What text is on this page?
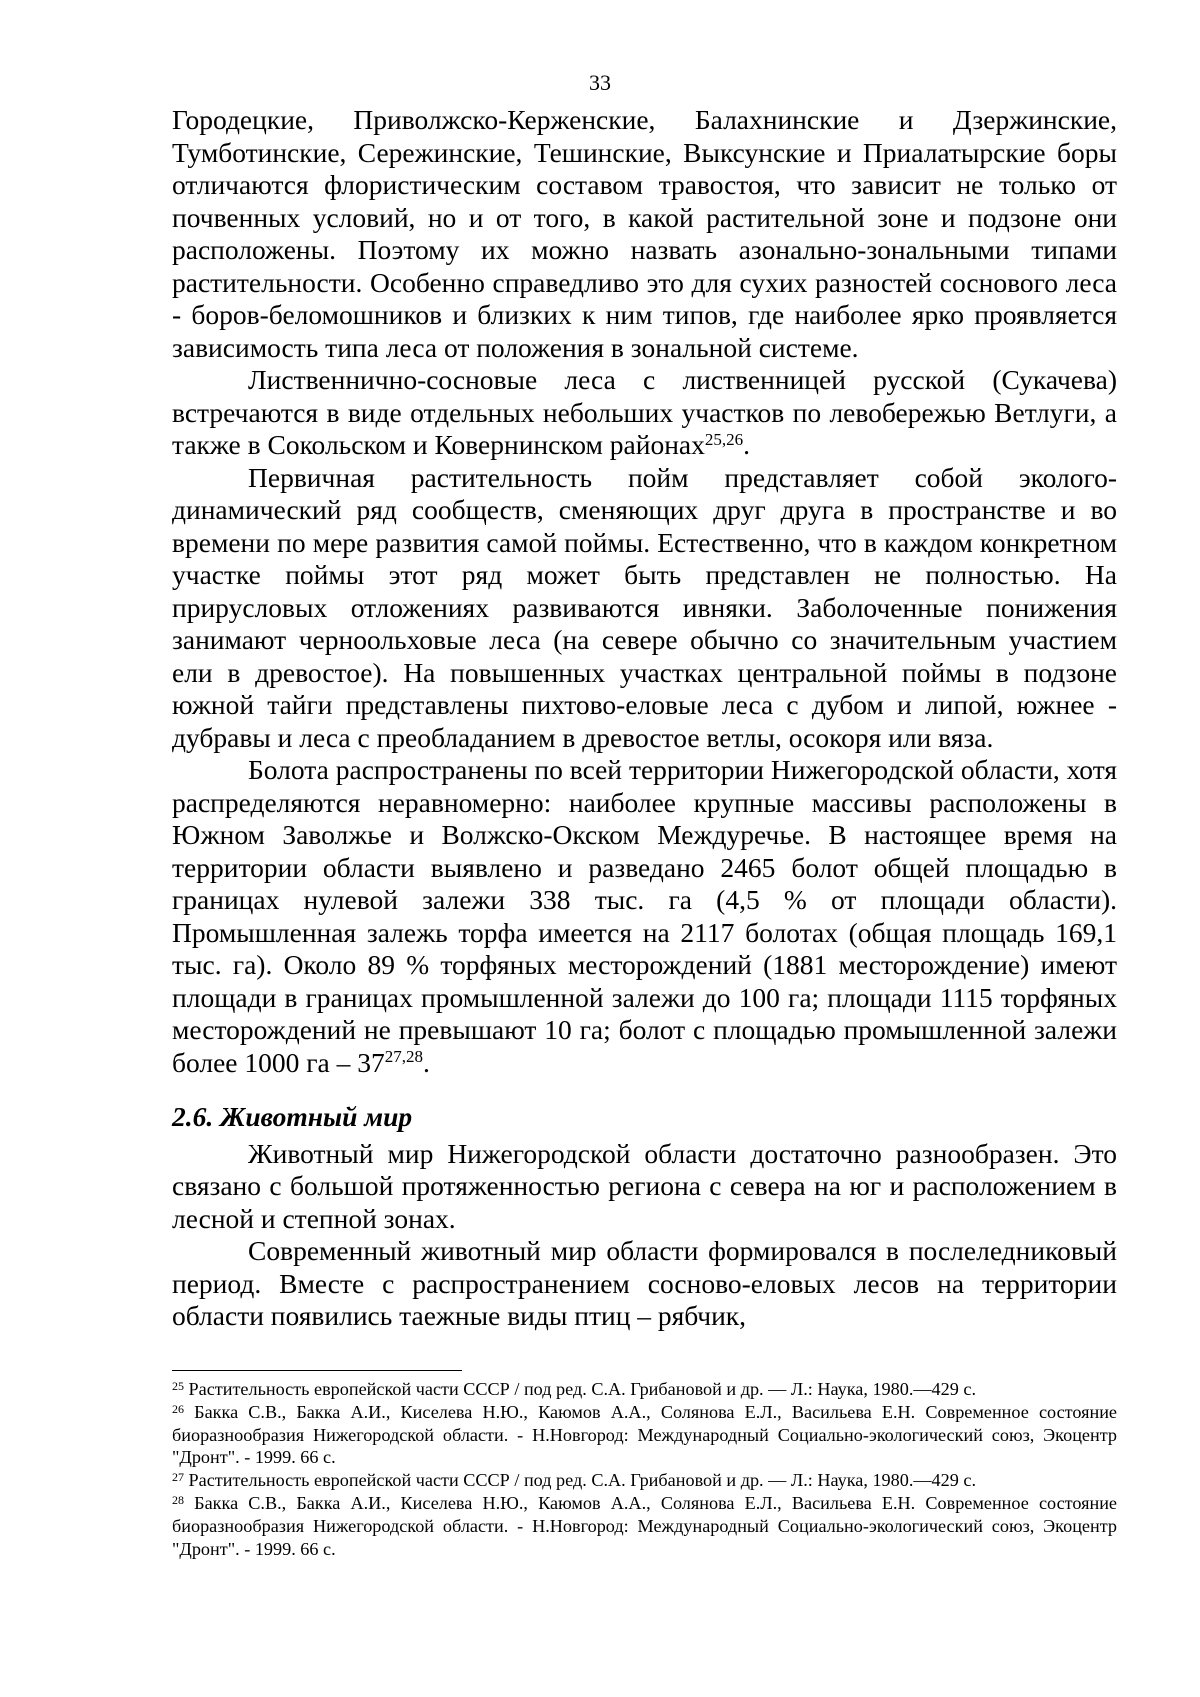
33

Городецкие, Приволжско-Керженские, Балахнинские и Дзержинские, Тумботинские, Сережинские, Тешинские, Выксунские и Приалатырские боры отличаются флористическим составом травостоя, что зависит не только от почвенных условий, но и от того, в какой растительной зоне и подзоне они расположены. Поэтому их можно назвать азонально-зональными типами растительности. Особенно справедливо это для сухих разностей соснового леса - боров-беломошников и близких к ним типов, где наиболее ярко проявляется зависимость типа леса от положения в зональной системе.

Лиственнично-сосновые леса с лиственницей русской (Сукачева) встречаются в виде отдельных небольших участков по левобережью Ветлуги, а также в Сокольском и Ковернинском районах$^{25,26}$.

Первичная растительность пойм представляет собой эколого-динамический ряд сообществ, сменяющих друг друга в пространстве и во времени по мере развития самой поймы. Естественно, что в каждом конкретном участке поймы этот ряд может быть представлен не полностью. На прирусловых отложениях развиваются ивняки. Заболоченные понижения занимают черноольховые леса (на севере обычно со значительным участием ели в древостое). На повышенных участках центральной поймы в подзоне южной тайги представлены пихтово-еловые леса с дубом и липой, южнее - дубравы и леса с преобладанием в древостое ветлы, осокоря или вяза.

Болота распространены по всей территории Нижегородской области, хотя распределяются неравномерно: наиболее крупные массивы расположены в Южном Заволжье и Волжско-Окском Междуречье. В настоящее время на территории области выявлено и разведано 2465 болот общей площадью в границах нулевой залежи 338 тыс. га (4,5 % от площади области). Промышленная залежь торфа имеется на 2117 болотах (общая площадь 169,1 тыс. га). Около 89 % торфяных месторождений (1881 месторождение) имеют площади в границах промышленной залежи до 100 га; площади 1115 торфяных месторождений не превышают 10 га; болот с площадью промышленной залежи более 1000 га – 37$^{27,28}$.

2.6. Животный мир

Животный мир Нижегородской области достаточно разнообразен. Это связано с большой протяженностью региона с севера на юг и расположением в лесной и степной зонах.

Современный животный мир области формировался в послеледниковый период. Вместе с распространением сосново-еловых лесов на территории области появились таежные виды птиц – рябчик,

$^{25}$ Растительность европейской части СССР / под ред. С.А. Грибановой и др. — Л.: Наука, 1980.—429 с.

$^{26}$ Бакка С.В., Бакка А.И., Киселева Н.Ю., Каюмов А.А., Солянова Е.Л., Васильева Е.Н. Современное состояние биоразнообразия Нижегородской области. - Н.Новгород: Международный Социально-экологический союз, Экоцентр "Дронт". - 1999. 66 с.

$^{27}$ Растительность европейской части СССР / под ред. С.А. Грибановой и др. — Л.: Наука, 1980.—429 с.

$^{28}$ Бакка С.В., Бакка А.И., Киселева Н.Ю., Каюмов А.А., Солянова Е.Л., Васильева Е.Н. Современное состояние биоразнообразия Нижегородской области. - Н.Новгород: Международный Социально-экологический союз, Экоцентр "Дронт". - 1999. 66 с.
